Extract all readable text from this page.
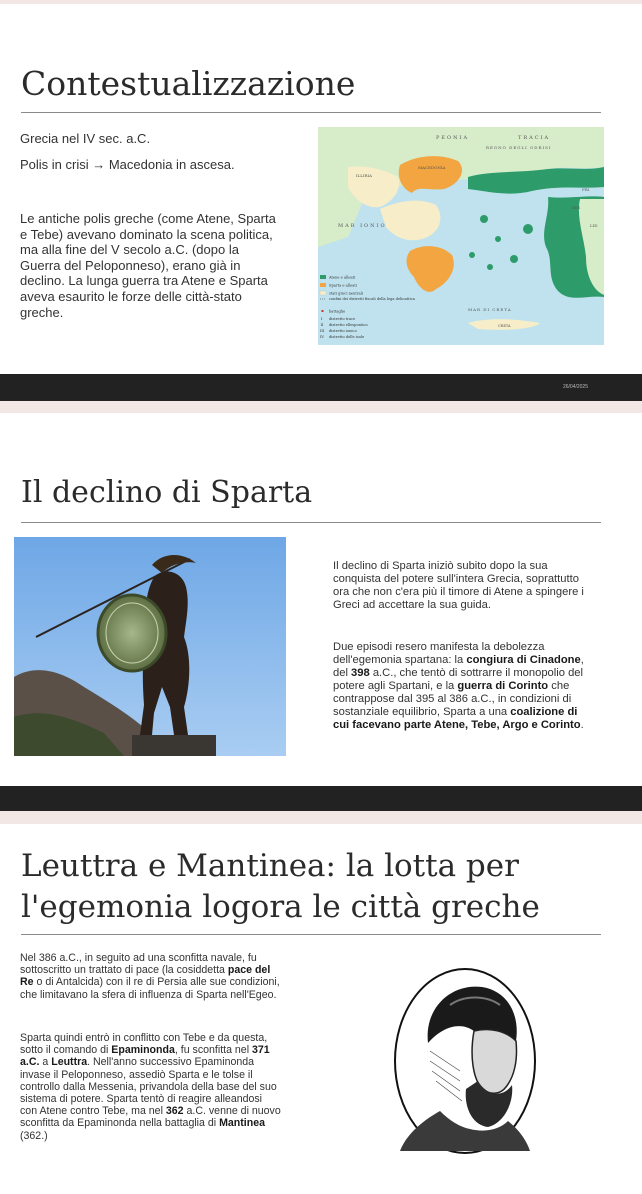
Contestualizzazione

Grecia nel IV sec. a.C.

Polis in crisi → Macedonia in ascesa.

Le antiche polis greche (come Atene, Sparta e Tebe) avevano dominato la scena politica, ma alla fine del V secolo a.C. (dopo la Guerra del Peloponneso), erano già in declino. La lunga guerra tra Atene e Sparta aveva esaurito le forze delle città-stato greche.

PEONIA	TRACIA
REGNO DEGLI ODRISI
ILLIRIA
MACEDONIA
MAR IONIO
MAR DI CRETA
CRETA
FRI
MIS
LID
Atene e alleati
Sparta e alleati
stati greci neutrali
confini dei distretti fiscali della lega delioattica
battaglie
I distretto trace
II distretto ellespontico
III distretto ionico
IV distretto delle isole
26/04/2025
Il declino di Sparta

Il declino di Sparta iniziò subito dopo la sua conquista del potere sull'intera Grecia, soprattutto ora che non c'era più il timore di Atene a spingere i Greci ad accettare la sua guida.

Due episodi resero manifesta la debolezza dell'egemonia spartana: la congiura di Cinadone, del 398 a.C., che tentò di sottrarre il monopolio del potere agli Spartani, e la guerra di Corinto che contrappose dal 395 al 386 a.C., in condizioni di sostanziale equilibrio, Sparta a una coalizione di cui facevano parte Atene, Tebe, Argo e Corinto.

Leuttra e Mantinea: la lotta per
l'egemonia logora le città greche

Nel 386 a.C., in seguito ad una sconfitta navale, fu sottoscritto un trattato di pace (la cosiddetta pace del Re o di Antalcida) con il re di Persia alle sue condizioni, che limitavano la sfera di influenza di Sparta nell'Egeo.

Sparta quindi entrò in conflitto con Tebe e da questa, sotto il comando di Epaminonda, fu sconfitta nel 371 a.C. a Leuttra. Nell'anno successivo Epaminonda invase il Peloponneso, assediò Sparta e le tolse il controllo dalla Messenia, privandola della base del suo sistema di potere. Sparta tentò di reagire alleandosi con Atene contro Tebe, ma nel 362 a.C. venne di nuovo sconfitta da Epaminonda nella battaglia di Mantinea (362.)
